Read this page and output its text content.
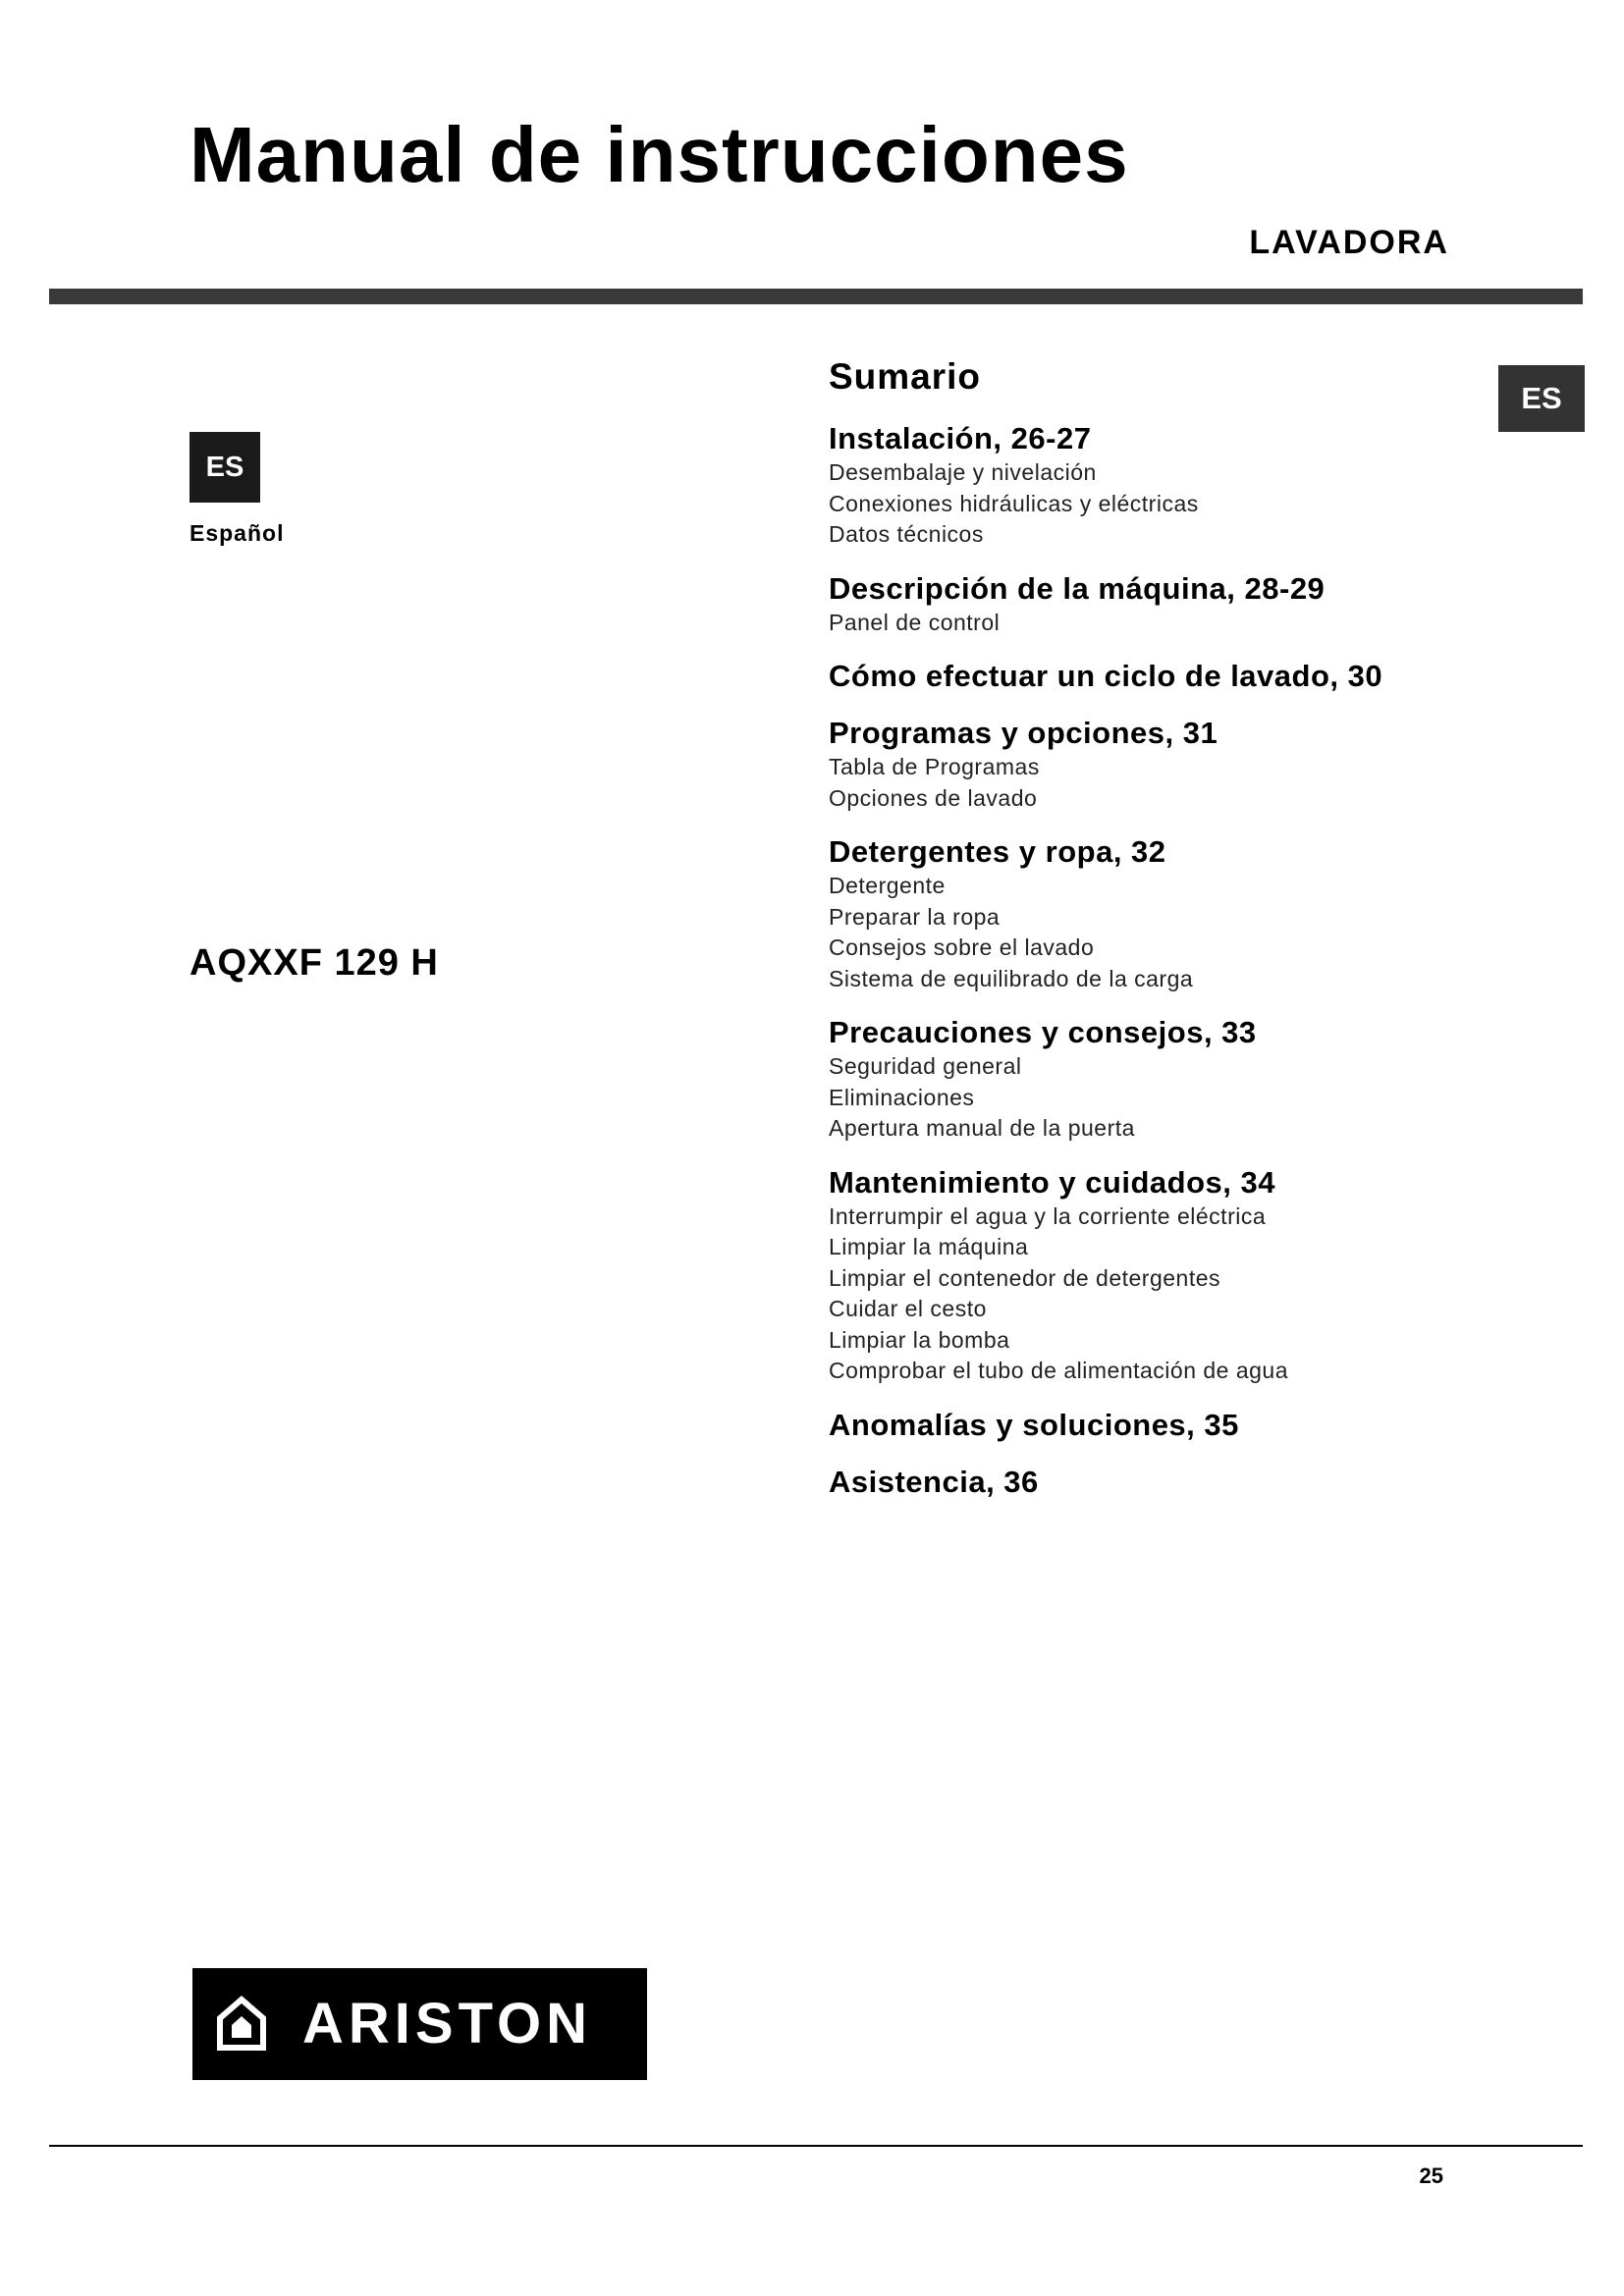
Manual de instrucciones
LAVADORA
ES
Español
ES
AQXXF 129 H
Sumario
Instalación, 26-27
Desembalaje y nivelación
Conexiones hidráulicas y eléctricas
Datos técnicos
Descripción de la máquina, 28-29
Panel de control
Cómo efectuar un ciclo de lavado, 30
Programas y opciones, 31
Tabla de Programas
Opciones de lavado
Detergentes y ropa, 32
Detergente
Preparar la ropa
Consejos sobre el lavado
Sistema de equilibrado de la carga
Precauciones y consejos, 33
Seguridad general
Eliminaciones
Apertura manual de la puerta
Mantenimiento y cuidados, 34
Interrumpir el agua y la corriente eléctrica
Limpiar la máquina
Limpiar el contenedor de detergentes
Cuidar el cesto
Limpiar la bomba
Comprobar el tubo de alimentación de agua
Anomalías y soluciones, 35
Asistencia, 36
ARISTON
25
